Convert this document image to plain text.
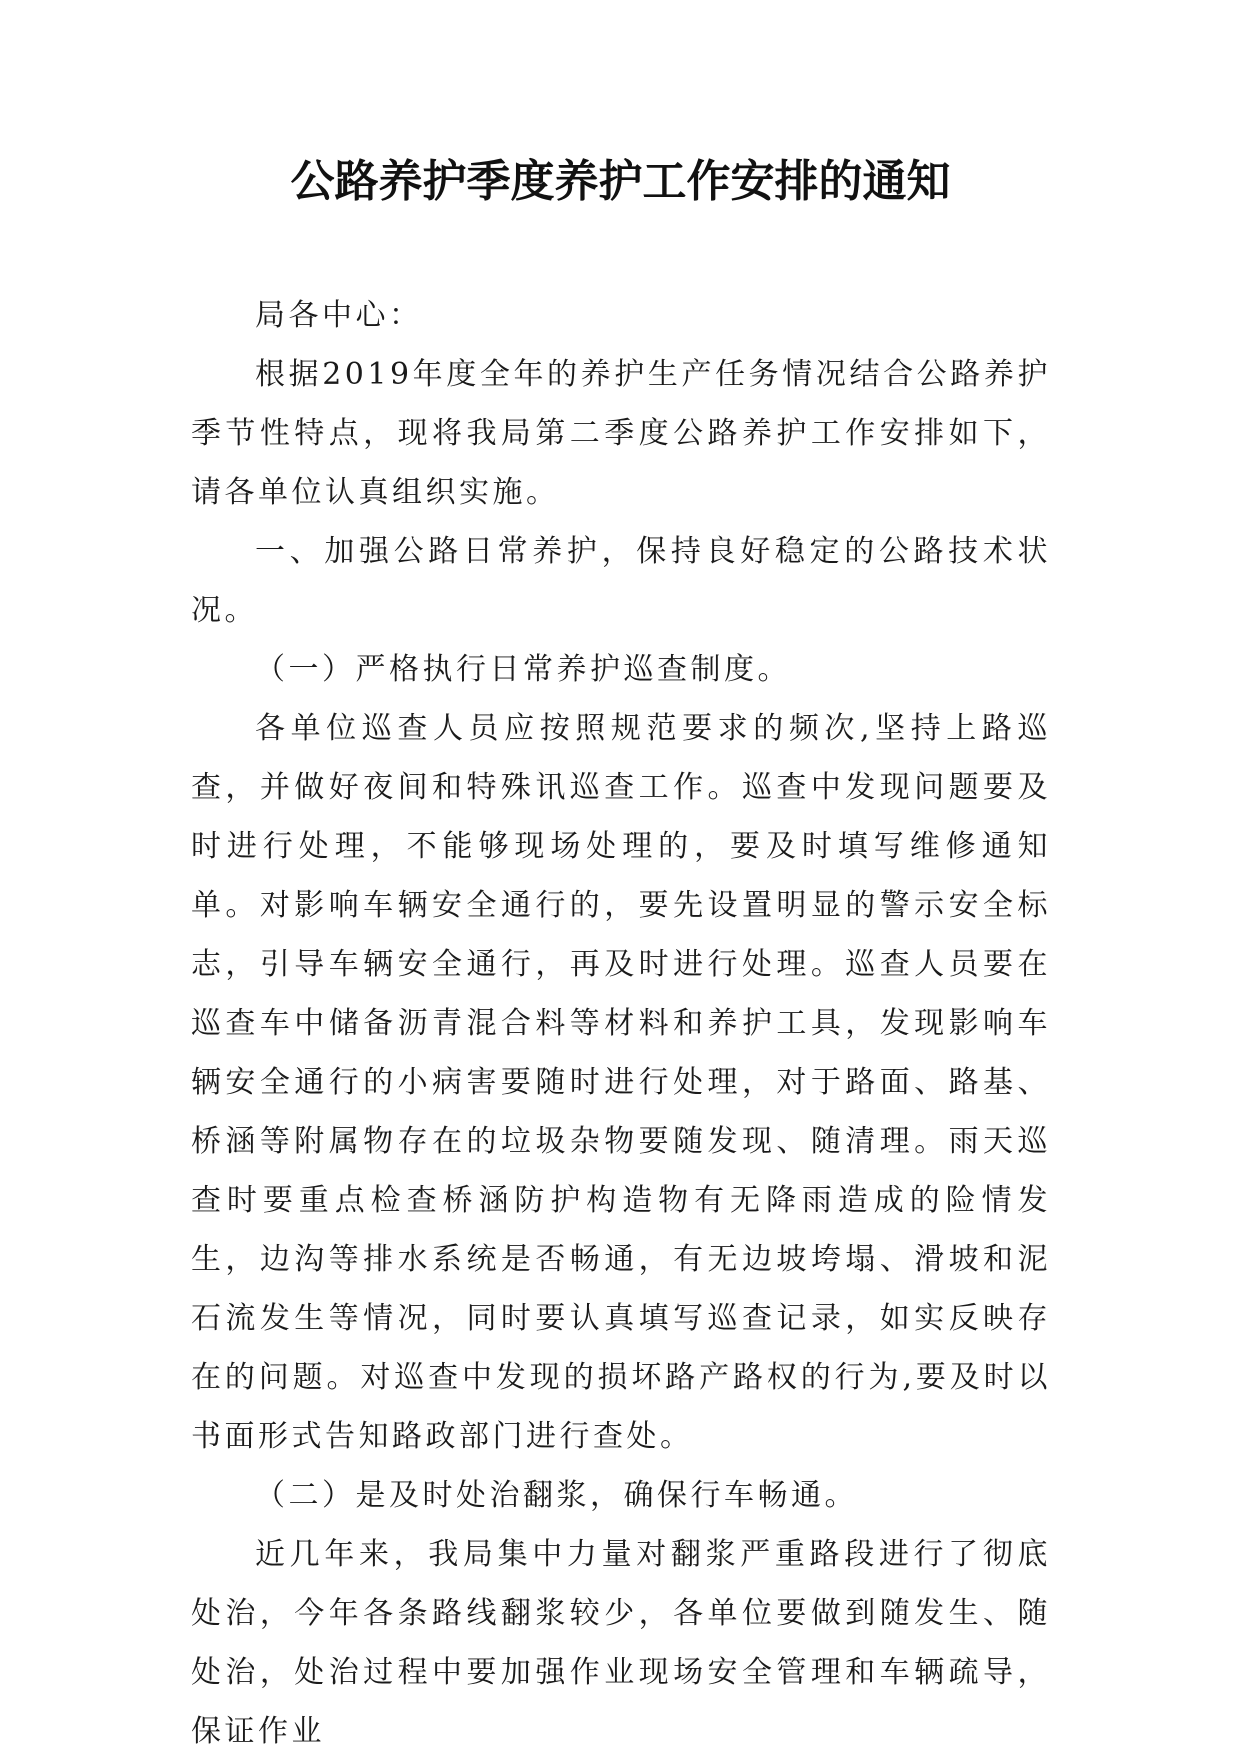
公路养护季度养护工作安排的通知

局各中心：

根据2019年度全年的养护生产任务情况结合公路养护季节性特点，现将我局第二季度公路养护工作安排如下，请各单位认真组织实施。

一、加强公路日常养护，保持良好稳定的公路技术状况。

（一）严格执行日常养护巡查制度。

各单位巡查人员应按照规范要求的频次,坚持上路巡查，并做好夜间和特殊讯巡查工作。巡查中发现问题要及时进行处理，不能够现场处理的，要及时填写维修通知单。对影响车辆安全通行的，要先设置明显的警示安全标志，引导车辆安全通行，再及时进行处理。巡查人员要在巡查车中储备沥青混合料等材料和养护工具，发现影响车辆安全通行的小病害要随时进行处理，对于路面、路基、桥涵等附属物存在的垃圾杂物要随发现、随清理。雨天巡查时要重点检查桥涵防护构造物有无降雨造成的险情发生，边沟等排水系统是否畅通，有无边坡垮塌、滑坡和泥石流发生等情况，同时要认真填写巡查记录，如实反映存在的问题。对巡查中发现的损坏路产路权的行为,要及时以书面形式告知路政部门进行查处。

（二）是及时处治翻浆，确保行车畅通。

近几年来，我局集中力量对翻浆严重路段进行了彻底处治，今年各条路线翻浆较少，各单位要做到随发生、随处治，处治过程中要加强作业现场安全管理和车辆疏导，保证作业
